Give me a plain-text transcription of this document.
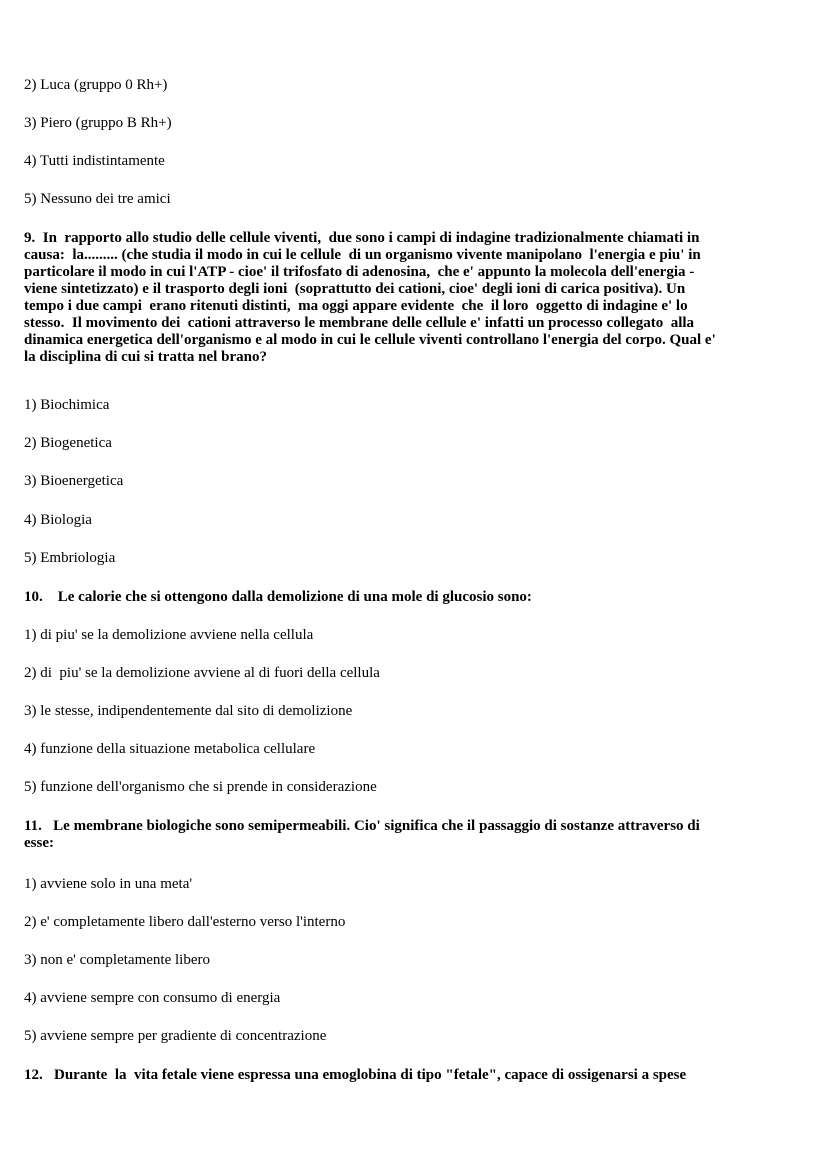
2) Luca (gruppo 0 Rh+)
3) Piero (gruppo B Rh+)
4) Tutti indistintamente
5) Nessuno dei tre amici
9.  In  rapporto allo studio delle cellule viventi,  due sono i campi di indagine tradizionalmente chiamati in
causa:  la......... (che studia il modo in cui le cellule  di un organismo vivente manipolano  l'energia e piu' in
particolare il modo in cui l'ATP - cioe' il trifosfato di adenosina,  che e' appunto la molecola dell'energia -
viene sintetizzato) e il trasporto degli ioni  (soprattutto dei cationi, cioe' degli ioni di carica positiva). Un
tempo i due campi  erano ritenuti distinti,  ma oggi appare evidente  che  il loro  oggetto di indagine e' lo
stesso.  Il movimento dei  cationi attraverso le membrane delle cellule e' infatti un processo collegato  alla
dinamica energetica dell'organismo e al modo in cui le cellule viventi controllano l'energia del corpo. Qual e'
la disciplina di cui si tratta nel brano?
1) Biochimica
2) Biogenetica
3) Bioenergetica
4) Biologia
5) Embriologia
10.    Le calorie che si ottengono dalla demolizione di una mole di glucosio sono:
1) di piu' se la demolizione avviene nella cellula
2) di  piu' se la demolizione avviene al di fuori della cellula
3) le stesse, indipendentemente dal sito di demolizione
4) funzione della situazione metabolica cellulare
5) funzione dell'organismo che si prende in considerazione
11.   Le membrane biologiche sono semipermeabili. Cio' significa che il passaggio di sostanze attraverso di
esse:
1) avviene solo in una meta'
2) e' completamente libero dall'esterno verso l'interno
3) non e' completamente libero
4) avviene sempre con consumo di energia
5) avviene sempre per gradiente di concentrazione
12.   Durante  la  vita fetale viene espressa una emoglobina di tipo "fetale", capace di ossigenarsi a spese
